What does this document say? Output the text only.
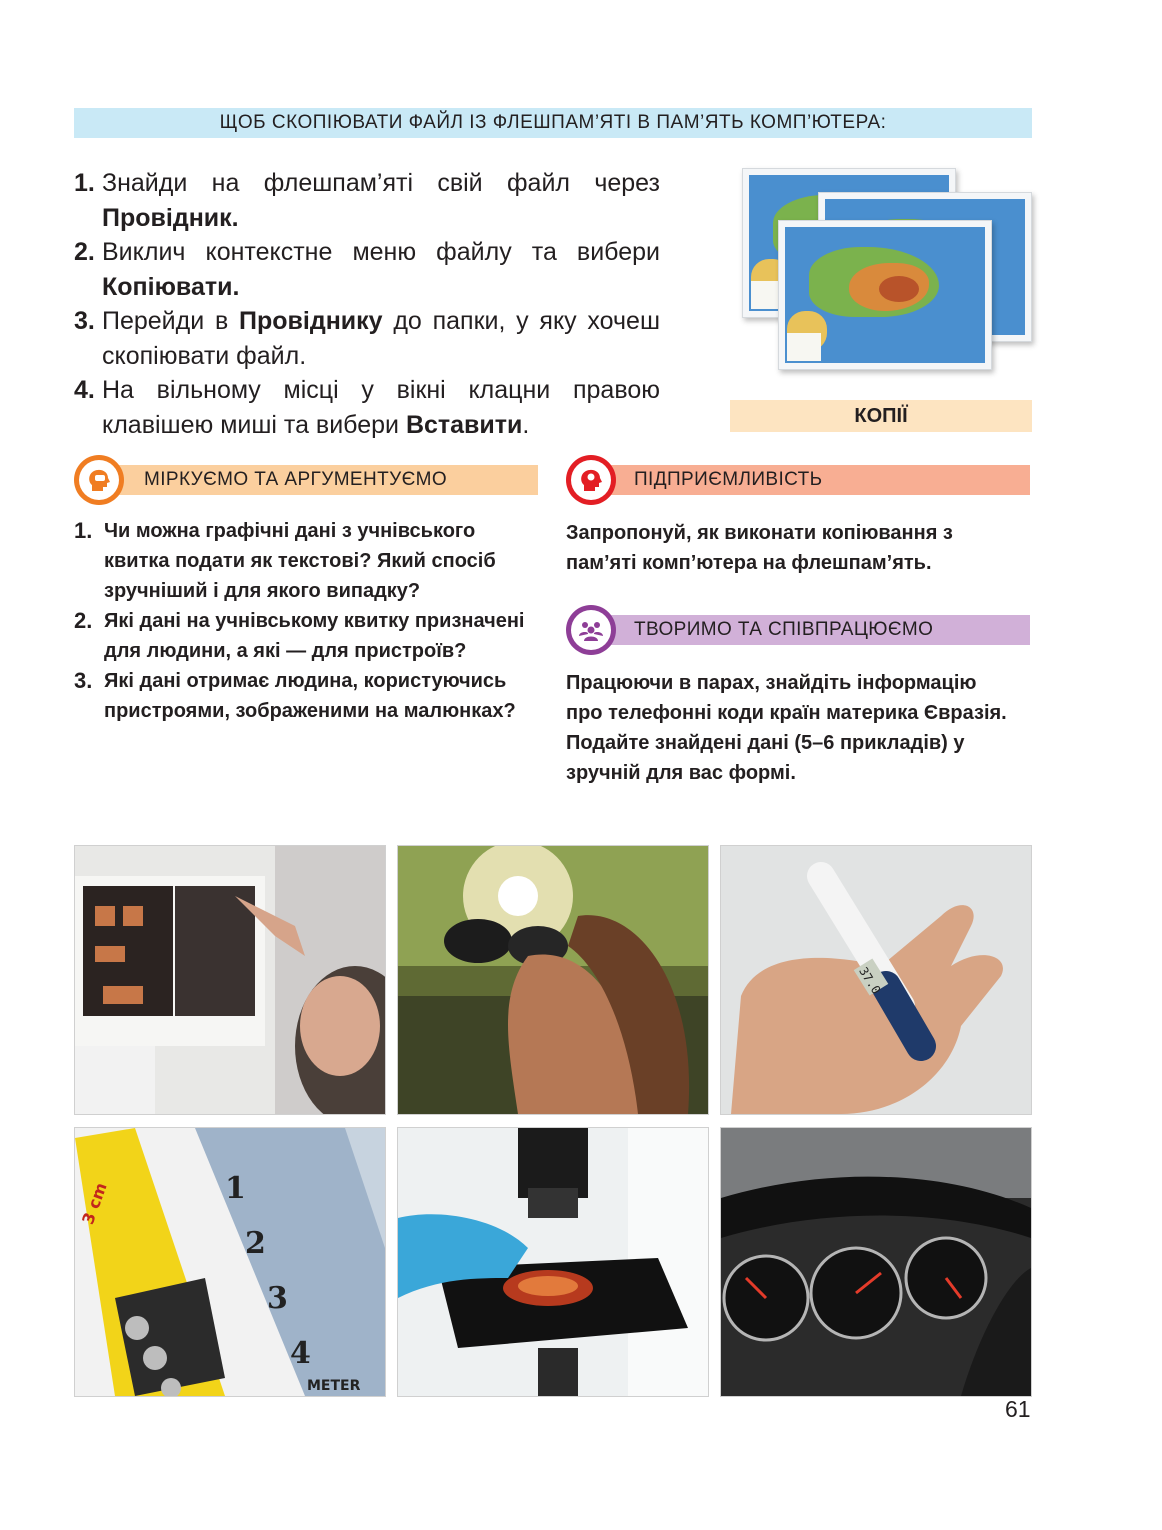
ЩОБ СКОПІЮВАТИ ФАЙЛ ІЗ ФЛЕШПАМ’ЯТІ В ПАМ’ЯТЬ КОМП’ЮТЕРА:
1. Знайди на флешпам’яті свій файл через Провідник.
2. Виклич контекстне меню файлу та вибери Копіювати.
3. Перейди в Провіднику до папки, у яку хочеш скопіювати файл.
4. На вільному місці у вікні клацни правою клавішею миші та вибери Вставити.	КОПІЇ
МІРКУЄМО ТА АРГУМЕНТУЄМО
1. Чи можна графічні дані з учнівського квитка подати як текстові? Який спосіб зручніший і для якого випадку?
2. Які дані на учнівському квитку призначені для людини, а які — для пристроїв?
3. Які дані отримає людина, користуючись пристроями, зображеними на малюнках?
ПІДПРИЄМЛИВІСТЬ
Запропонуй, як виконати копіювання з пам’яті комп’ютера на флешпам’ять.
ТВОРИМО ТА СПІВПРАЦЮЄМО
Працюючи в парах, знайдіть інформацію про телефонні коди країн материка Євразія. Подайте знайдені дані (5–6 прикладів) у зручній для вас формі.
37.0
1
2
3
4
METER
3 cm
61
